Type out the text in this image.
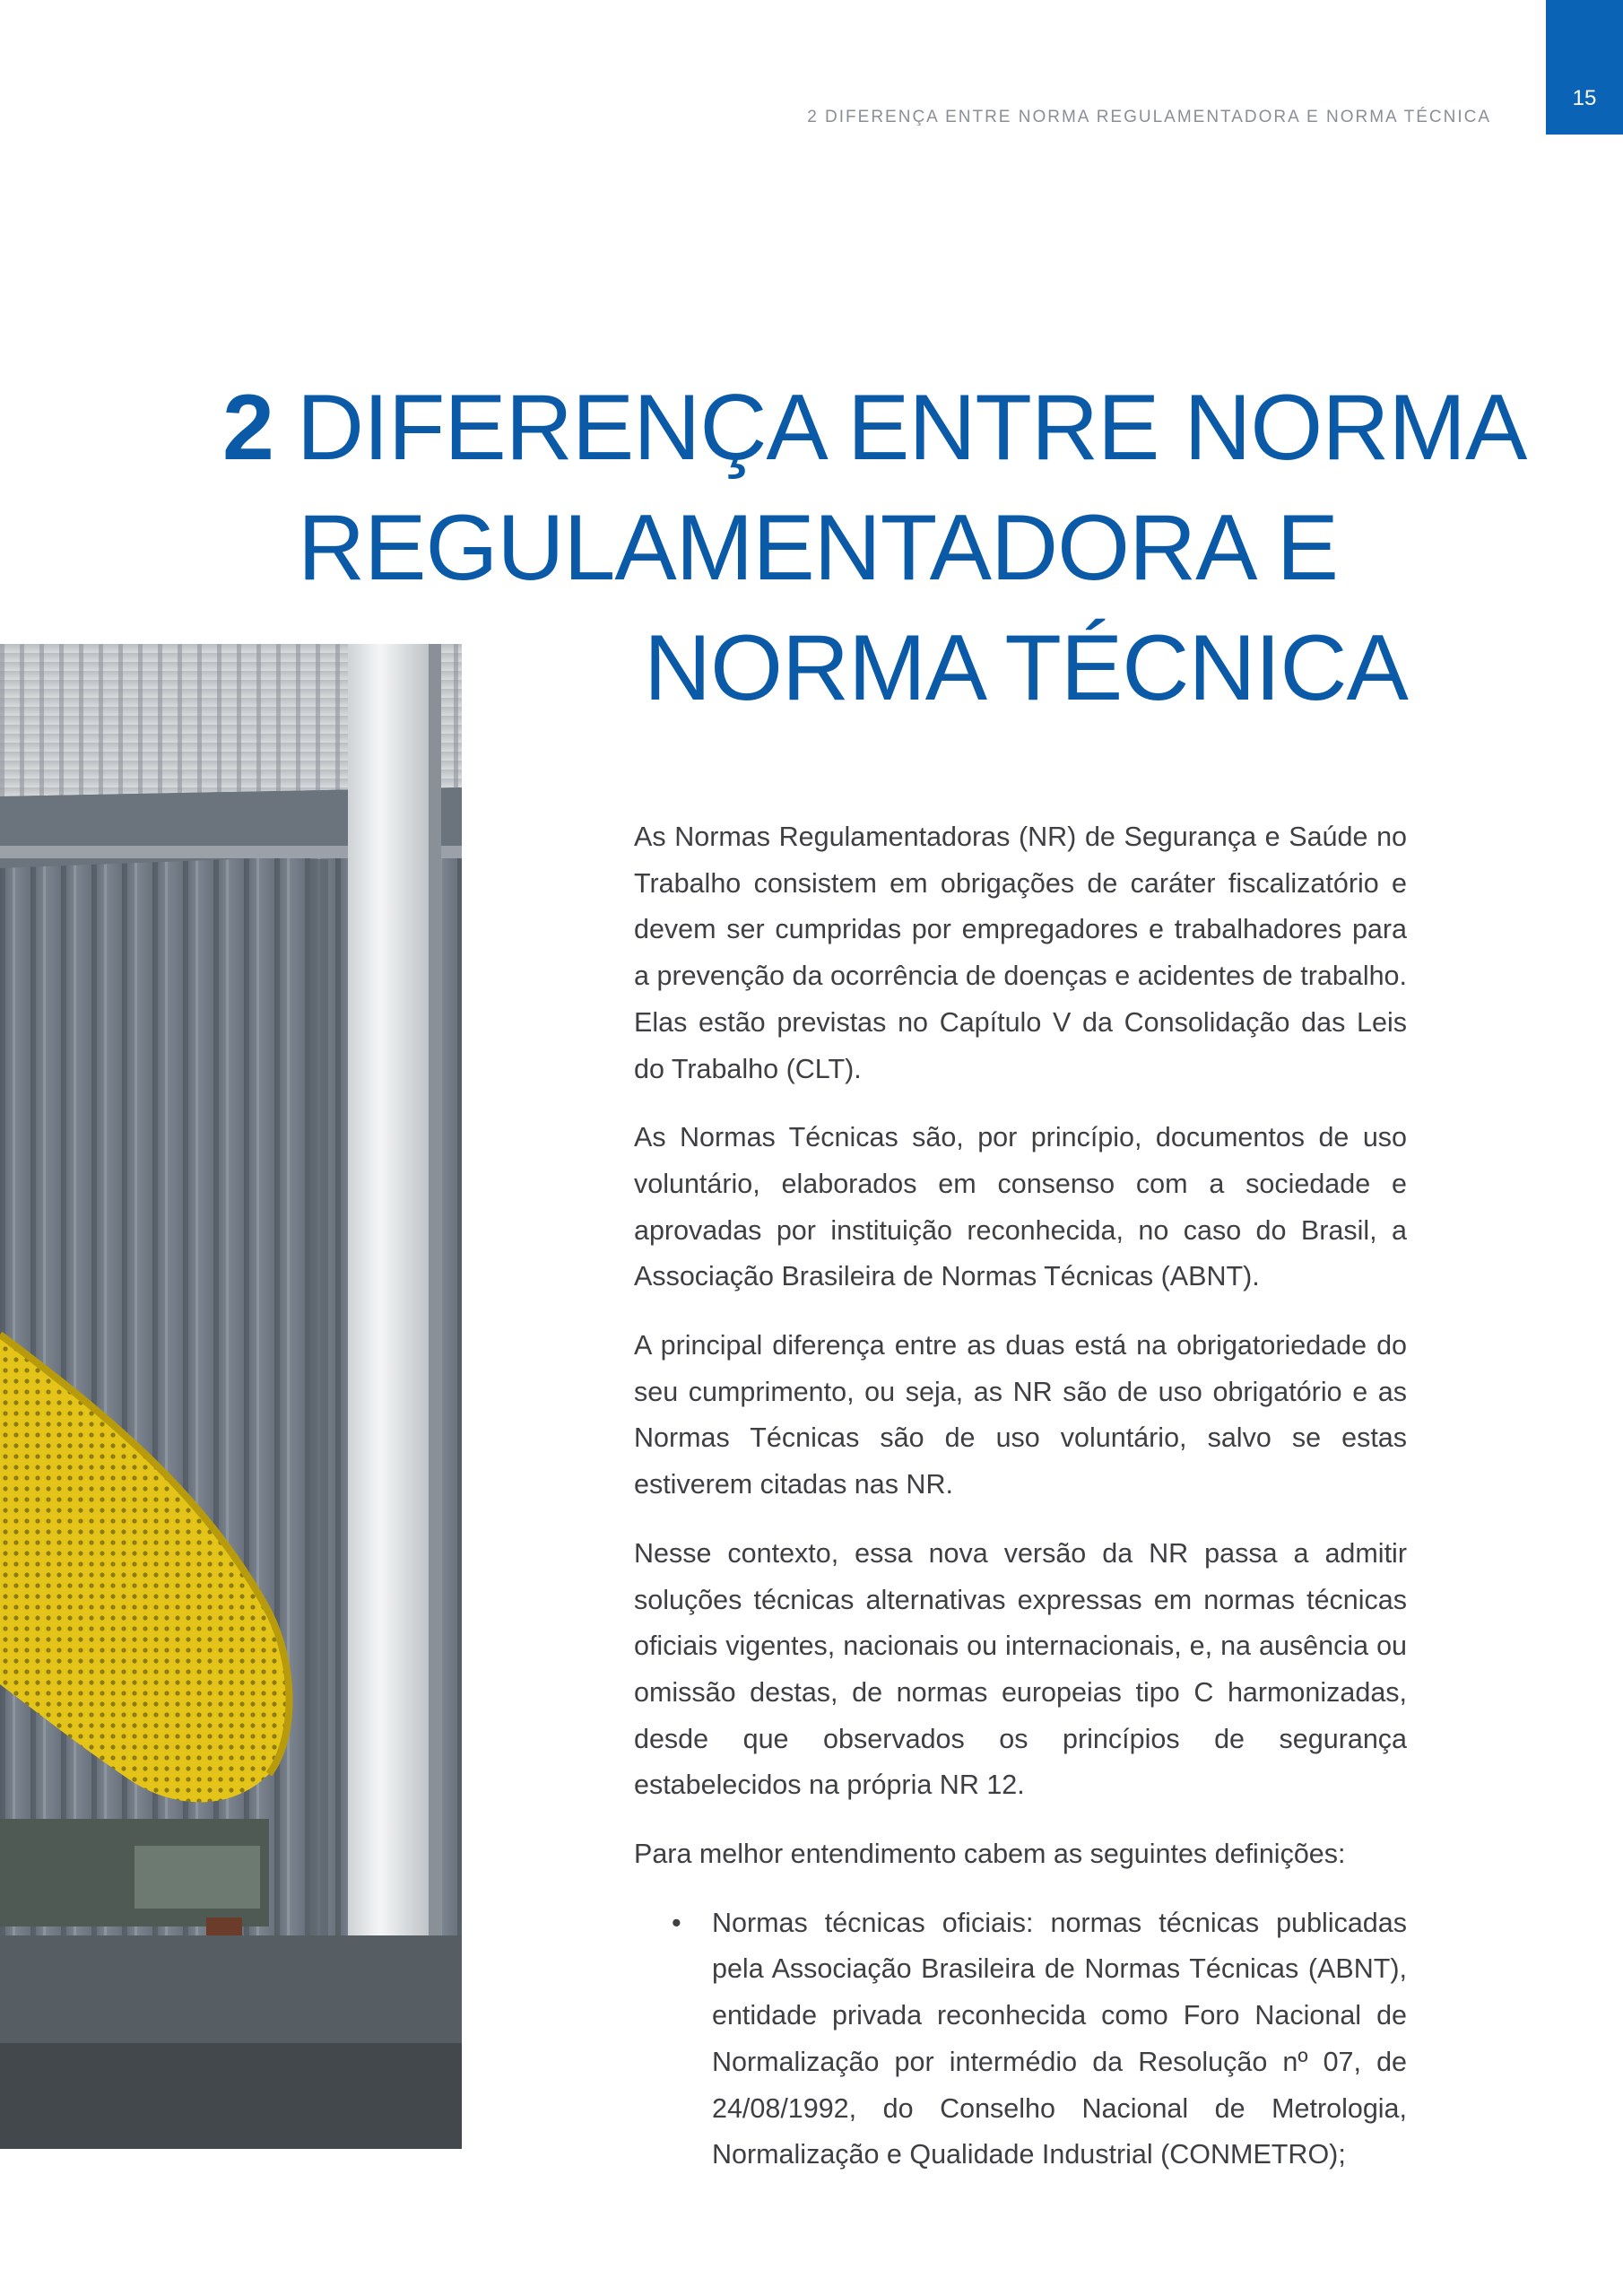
2 DIFERENÇA ENTRE NORMA REGULAMENTADORA E NORMA TÉCNICA
15
2 DIFERENÇA ENTRE NORMA
REGULAMENTADORA E
NORMA TÉCNICA

As Normas Regulamentadoras (NR) de Segurança e Saúde no Trabalho consistem em obrigações de caráter fiscalizatório e devem ser cumpridas por empregadores e trabalhadores para a prevenção da ocorrência de doenças e acidentes de trabalho. Elas estão previstas no Capítulo V da Consolidação das Leis do Trabalho (CLT).

As Normas Técnicas são, por princípio, documentos de uso voluntário, elaborados em consenso com a sociedade e aprovadas por instituição reconhecida, no caso do Brasil, a Associação Brasileira de Normas Técnicas (ABNT).

A principal diferença entre as duas está na obrigatoriedade do seu cumprimento, ou seja, as NR são de uso obrigatório e as Normas Técnicas são de uso voluntário, salvo se estas estiverem citadas nas NR.

Nesse contexto, essa nova versão da NR passa a admitir soluções técnicas alternativas expressas em normas técnicas oficiais vigentes, nacionais ou internacionais, e, na ausência ou omissão destas, de normas europeias tipo C harmonizadas, desde que observados os princípios de segurança estabelecidos na própria NR 12.

Para melhor entendimento cabem as seguintes definições:

• Normas técnicas oficiais: normas técnicas publicadas pela Associação Brasileira de Normas Técnicas (ABNT), entidade privada reconhecida como Foro Nacional de Normalização por intermédio da Resolução nº 07, de 24/08/1992, do Conselho Nacional de Metrologia, Normalização e Qualidade Industrial (CONMETRO);
